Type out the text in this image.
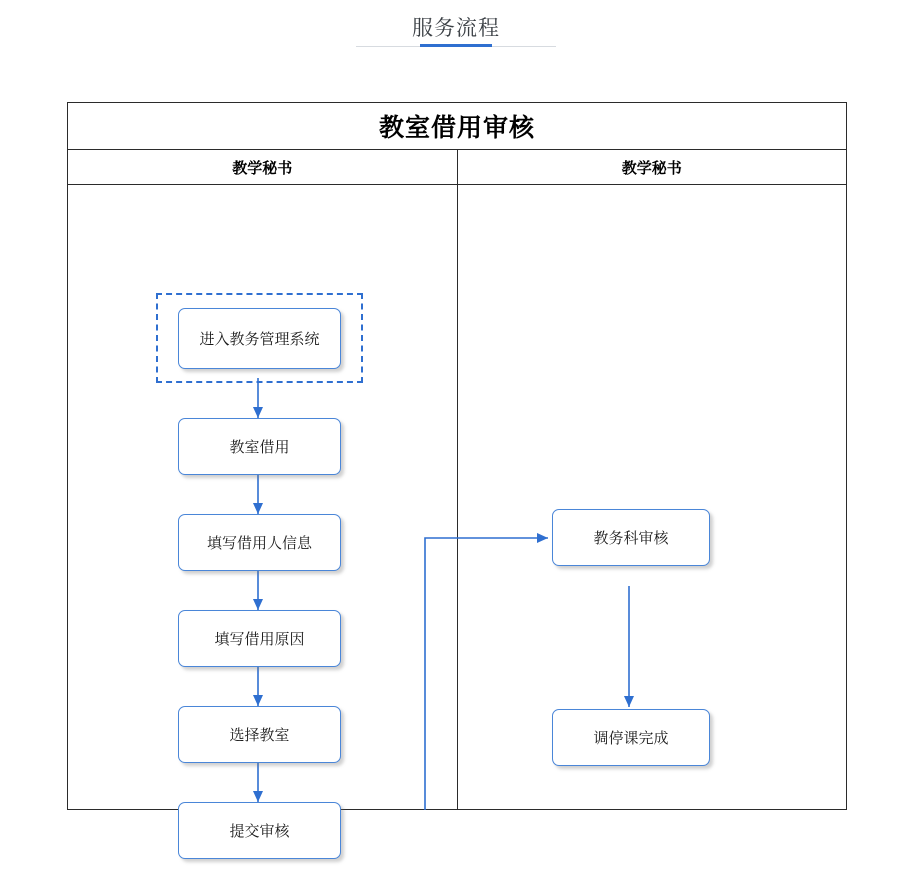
服务流程
教室借用审核
教学秘书	教学秘书
进入教务管理系统
教室借用
填写借用人信息
填写借用原因
选择教室
提交审核
教务科审核
调停课完成
